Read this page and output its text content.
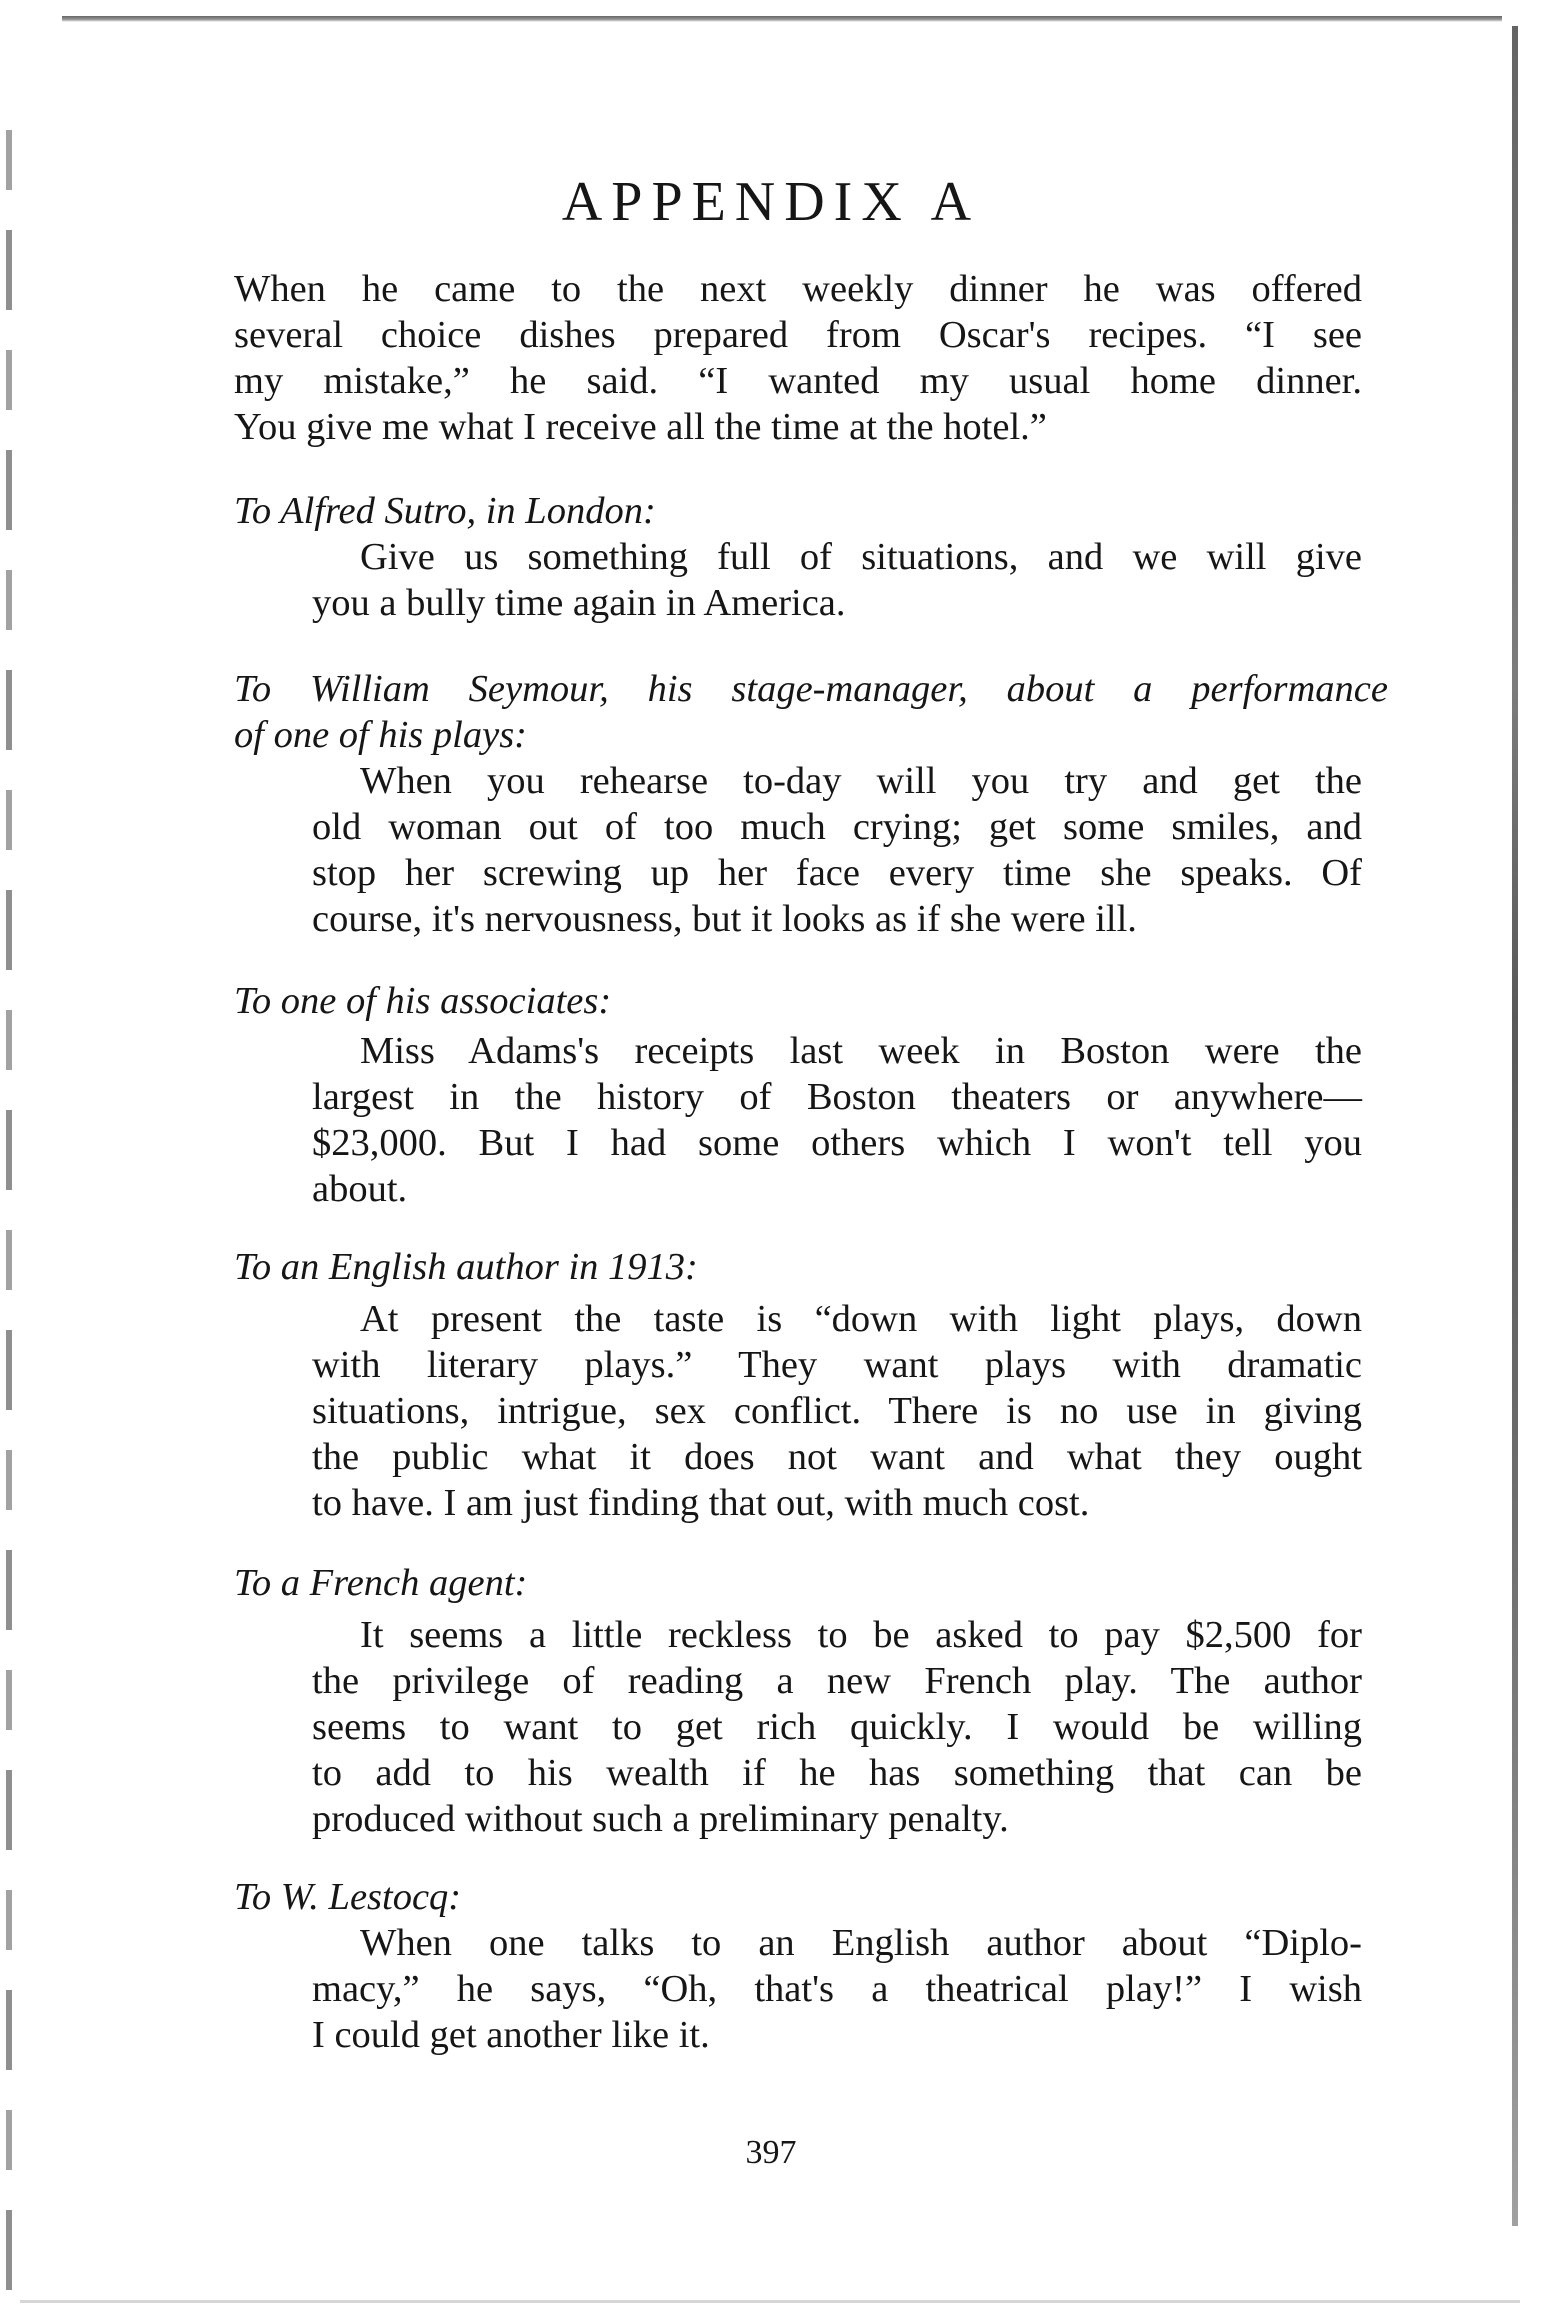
APPENDIX A

When he came to the next weekly dinner he was offered
several choice dishes prepared from Oscar's recipes. “I see
my mistake,” he said. “I wanted my usual home dinner.
You give me what I receive all the time at the hotel.”

To Alfred Sutro, in London:

Give us something full of situations, and we will give
you a bully time again in America.

To William Seymour, his stage-manager, about a performance
of one of his plays:

When you rehearse to-day will you try and get the
old woman out of too much crying; get some smiles, and
stop her screwing up her face every time she speaks. Of
course, it's nervousness, but it looks as if she were ill.

To one of his associates:

Miss Adams's receipts last week in Boston were the
largest in the history of Boston theaters or anywhere—
$23,000. But I had some others which I won't tell you
about.

To an English author in 1913:

At present the taste is “down with light plays, down
with literary plays.” They want plays with dramatic
situations, intrigue, sex conflict. There is no use in giving
the public what it does not want and what they ought
to have. I am just finding that out, with much cost.

To a French agent:

It seems a little reckless to be asked to pay $2,500 for
the privilege of reading a new French play. The author
seems to want to get rich quickly. I would be willing
to add to his wealth if he has something that can be
produced without such a preliminary penalty.

To W. Lestocq:

When one talks to an English author about “Diplo-
macy,” he says, “Oh, that's a theatrical play!” I wish
I could get another like it.

397
